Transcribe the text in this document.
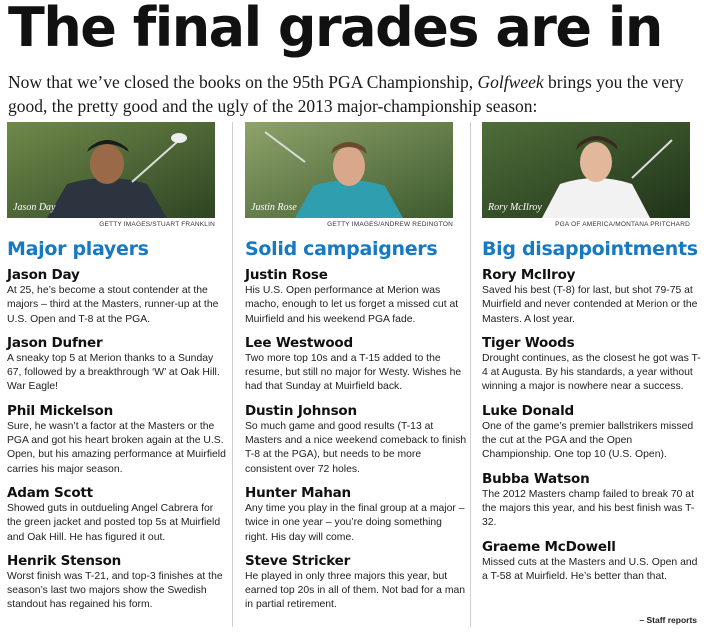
The final grades are in
Now that we’ve closed the books on the 95th PGA Championship, Golfweek brings you the very good, the pretty good and the ugly of the 2013 major-championship season:
Jason Day
GETTY IMAGES/STUART FRANKLIN
Major players
Jason Day
At 25, he’s become a stout contender at the majors – third at the Masters, runner-up at the U.S. Open and T-8 at the PGA.
Jason Dufner
A sneaky top 5 at Merion thanks to a Sunday 67, followed by a breakthrough ‘W’ at Oak Hill. War Eagle!
Phil Mickelson
Sure, he wasn’t a factor at the Masters or the PGA and got his heart broken again at the U.S. Open, but his amazing performance at Muirfield carries his major season.
Adam Scott
Showed guts in outdueling Angel Cabrera for the green jacket and posted top 5s at Muirfield and Oak Hill. He has figured it out.
Henrik Stenson
Worst finish was T-21, and top-3 finishes at the season’s last two majors show the Swedish standout has regained his form.
Justin Rose
GETTY IMAGES/ANDREW REDINGTON
Solid campaigners
Justin Rose
His U.S. Open performance at Merion was macho, enough to let us forget a missed cut at Muirfield and his weekend PGA fade.
Lee Westwood
Two more top 10s and a T-15 added to the resume, but still no major for Westy. Wishes he had that Sunday at Muirfield back.
Dustin Johnson
So much game and good results (T-13 at Masters and a nice weekend comeback to finish T-8 at the PGA), but needs to be more consistent over 72 holes.
Hunter Mahan
Any time you play in the final group at a major – twice in one year – you’re doing something right. His day will come.
Steve Stricker
He played in only three majors this year, but earned top 20s in all of them. Not bad for a man in partial retirement.
Rory McIlroy
PGA OF AMERICA/MONTANA PRITCHARD
Big disappointments
Rory McIlroy
Saved his best (T-8) for last, but shot 79-75 at Muirfield and never contended at Merion or the Masters. A lost year.
Tiger Woods
Drought continues, as the closest he got was T-4 at Augusta. By his standards, a year without winning a major is nowhere near a success.
Luke Donald
One of the game’s premier ballstrikers missed the cut at the PGA and the Open Championship. One top 10 (U.S. Open).
Bubba Watson
The 2012 Masters champ failed to break 70 at the majors this year, and his best finish was T-32.
Graeme McDowell
Missed cuts at the Masters and U.S. Open and a T-58 at Muirfield. He’s better than that.
– Staff reports
